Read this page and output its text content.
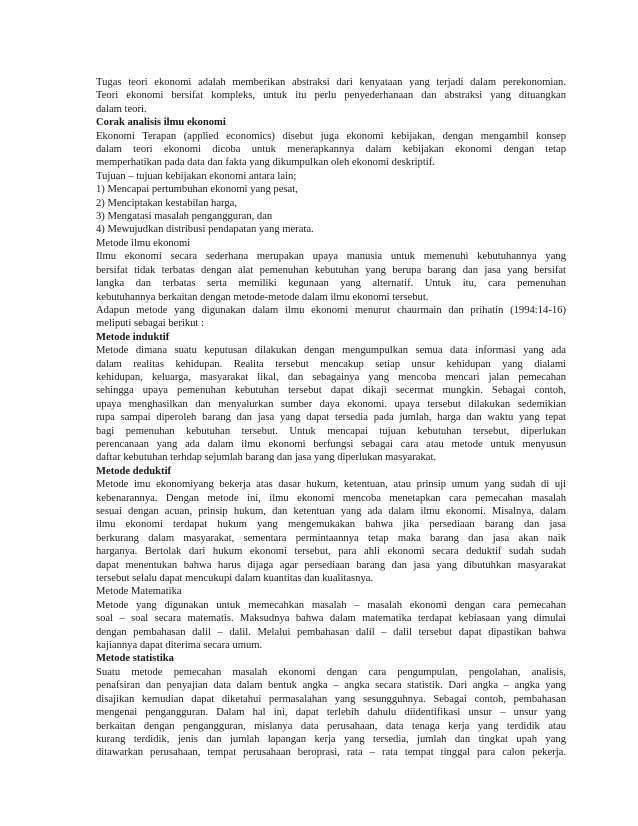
Tugas teori ekonomi adalah memberikan abstraksi dari kenyataan yang terjadi dalam perekonomian.
Teori ekonomi bersifat kompleks, untuk itu perlu penyederhanaan dan abstraksi yang dituangkan
dalam teori.
Corak analisis ilmu ekonomi
Ekonomi Terapan (applied economics) disebut juga ekonomi kebijakan, dengan mengambil konsep
dalam teori ekonomi dicoba untuk menerapkannya dalam kebijakan ekonomi dengan tetap
memperhatikan pada data dan fakta yang dikumpulkan oleh ekonomi deskriptif.
Tujuan – tujuan kebijakan ekonomi antara lain;
1) Mencapai pertumbuhan ekonomi yang pesat,
2) Menciptakan kestabilan harga,
3) Mengatasi masalah pengangguran, dan
4) Mewujudkan distribusi pendapatan yang merata.
Metode ilmu ekonomi
Ilmu ekonomi secara sederhana merupakan upaya manusia untuk memenuhi kebutuhannya yang
bersifat tidak terbatas dengan alat pemenuhan kebutuhan yang berupa barang dan jasa yang bersifat
langka dan terbatas serta memiliki kegunaan yang alternatif. Untuk itu, cara pemenuhan
kebutuhannya berkaitan dengan metode-metode dalam ilmu ekonomi tersebut.
Adapun metode yang digunakan dalam ilmu ekonomi menurut chaurmain dan prihatin (1994:14-16)
meliputi sebagai berikut :
Metode induktif
Metode dimana suatu keputusan dilakukan dengan mengumpulkan semua data informasi yang ada
dalam realitas kehidupan. Realita tersebut mencakup setiap unsur kehidupan yang dialami
kehidupan, keluarga, masyarakat likal, dan sebagainya yang mencoba mencari jalan pemecahan
sehingga upaya pemenuhan kebutuhan tersebut dapat dikaji secermat mungkin. Sebagai contoh,
upaya menghasilkan dan menyalurkan sumber daya ekonomi. upaya tersebut dilakukan sedemikian
rupa sampai diperoleh barang dan jasa yang dapat tersedia pada jumlah, harga dan waktu yang tepat
bagi pemenuhan kebutuhan tersebut. Untuk mencapai tujuan kebutuhan tersebut, diperlukan
perencanaan yang ada dalam ilmu ekonomi berfungsi sebagai cara atau metode untuk menyusun
daftar kebutuhan terhdap sejumlah barang dan jasa yang diperlukan masyarakat.
Metode deduktif
Metode imu ekonomiyang bekerja atas dasar hukum, ketentuan, atau prinsip umum yang sudah di uji
kebenarannya. Dengan metode ini, ilmu ekonomi mencoba menetapkan cara pemecahan masalah
sesuai dengan acuan, prinsip hukum, dan ketentuan yang ada dalam ilmu ekonomi. Misalnya, dalam
ilmu ekonomi terdapat hukum yang mengemukakan bahwa jika persediaan barang dan jasa
berkurang dalam masyarakat, sementara permintaannya tetap maka barang dan jasa akan naik
harganya. Bertolak dari hukum ekonomi tersebut, para ahli ekonomi secara deduktif sudah sudah
dapat menentukan bahwa harus dijaga agar persediaan barang dan jasa yang dibutuhkan masyarakat
tersebut selalu dapat mencukupi dalam kuantitas dan kualitasnya.
Metode Matematika
Metode yang digunakan untuk memecahkan masalah – masalah ekonomi dengan cara pemecahan
soal – soal secara matematis. Maksudnya bahwa dalam matematika terdapat kebiasaan yang dimulai
dengan pembahasan dalil – dalil. Melalui pembahasan dalil – dalil tersebut dapat dipastikan bahwa
kajiannya dapat diterima secara umum.
Metode statistika
Suatu metode pemecahan masalah ekonomi dengan cara pengumpulan, pengolahan, analisis,
penafsiran dan penyajian data dalam bentuk angka – angka secara statistik. Dari angka – angka yang
disajikan kemudian dapat diketahui permasalahan yang sesungguhnya. Sebagai contoh, pembahasan
mengenai pengangguran. Dalam hal ini, dapat terlebih dahulu diidentifikasi unsur – unsur yang
berkaitan dengan pengangguran, mislanya data perusahaan, data tenaga kerja yang terdidik atau
kurang terdidik, jenis dan jumlah lapangan kerja yang tersedia, jumlah dan tingkat upah yang
ditawarkan perusahaan, tempat perusahaan beroprasi, rata – rata tempat tinggal para calon pekerja.
